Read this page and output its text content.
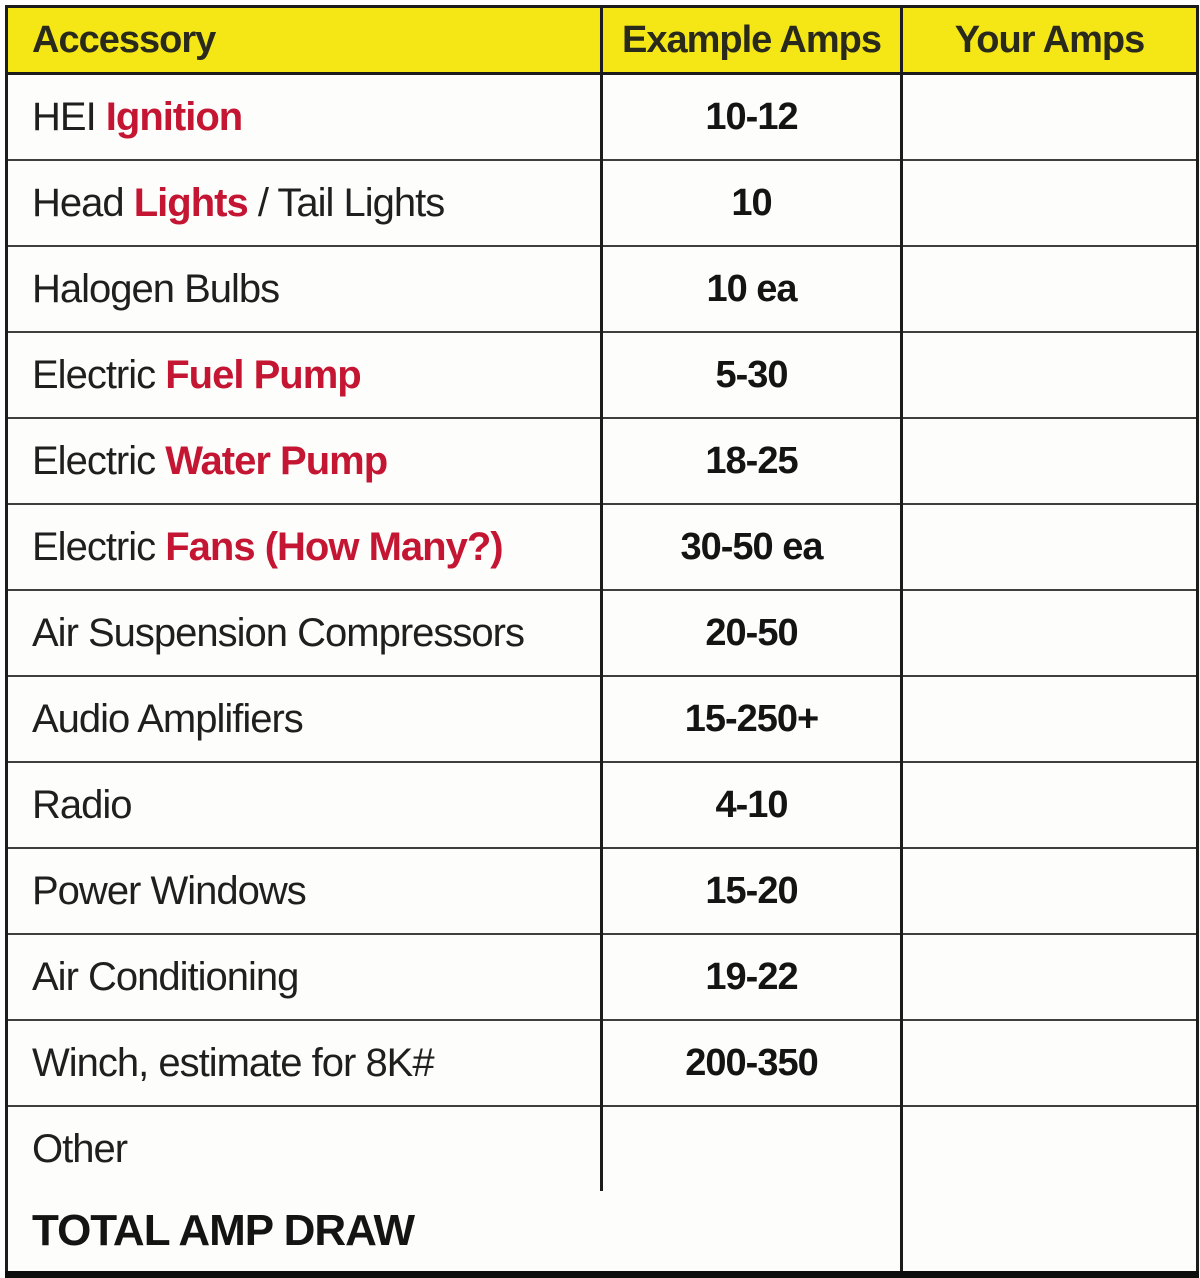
Accessory	Example Amps	Your Amps
HEI Ignition	10-12	
Head Lights / Tail Lights	10	
Halogen Bulbs	10 ea	
Electric Fuel Pump	5-30	
Electric Water Pump	18-25	
Electric Fans (How Many?)	30-50 ea	
Air Suspension Compressors	20-50	
Audio Amplifiers	15-250+	
Radio	4-10	
Power Windows	15-20	
Air Conditioning	19-22	
Winch, estimate for 8K#	200-350	
Other		
TOTAL AMP DRAW		
